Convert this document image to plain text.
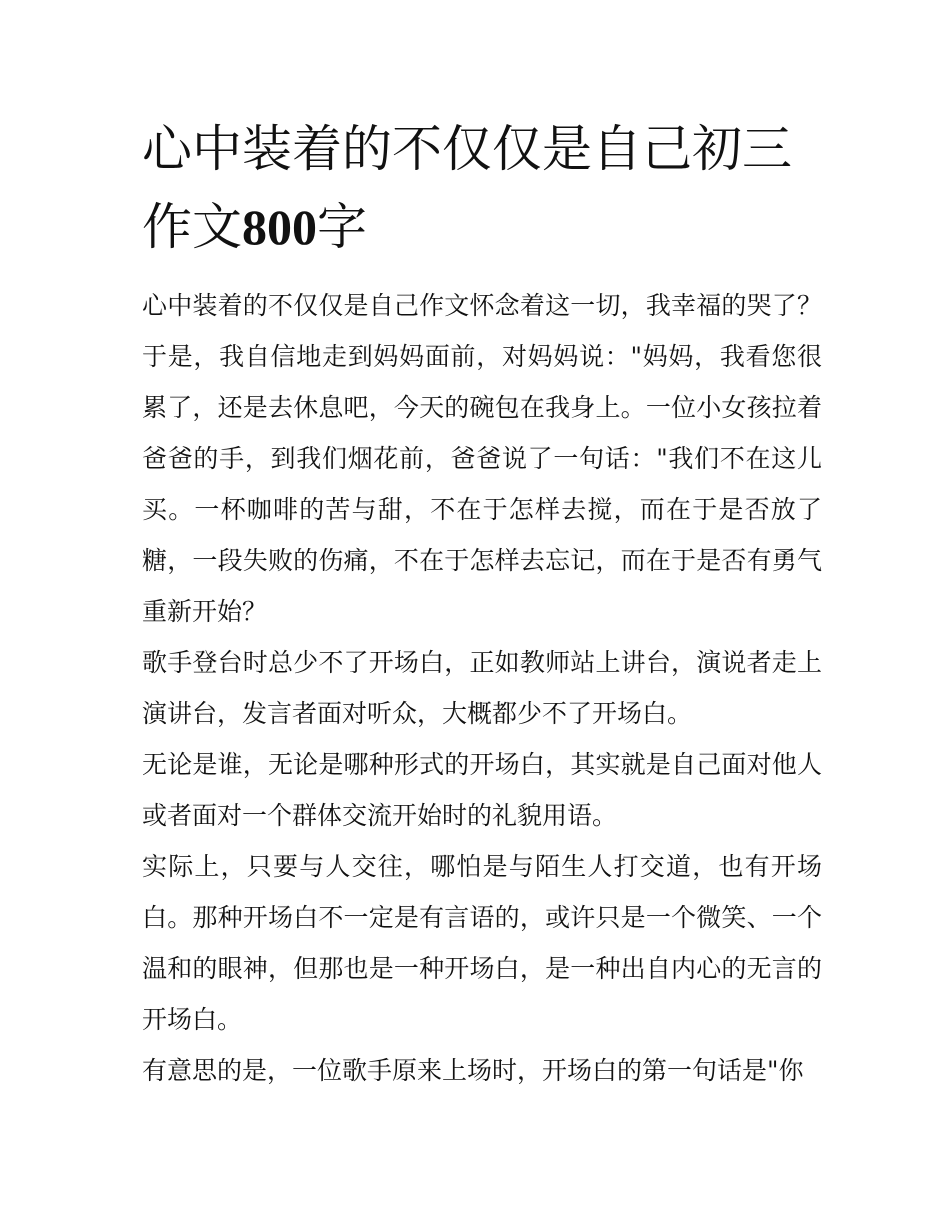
心中装着的不仅仅是自己初三作文800字

心中装着的不仅仅是自己作文怀念着这一切，我幸福的哭了？于是，我自信地走到妈妈面前，对妈妈说："妈妈，我看您很累了，还是去休息吧，今天的碗包在我身上。一位小女孩拉着爸爸的手，到我们烟花前，爸爸说了一句话："我们不在这儿买。一杯咖啡的苦与甜，不在于怎样去搅，而在于是否放了糖，一段失败的伤痛，不在于怎样去忘记，而在于是否有勇气重新开始？

歌手登台时总少不了开场白，正如教师站上讲台，演说者走上演讲台，发言者面对听众，大概都少不了开场白。

无论是谁，无论是哪种形式的开场白，其实就是自己面对他人或者面对一个群体交流开始时的礼貌用语。

实际上，只要与人交往，哪怕是与陌生人打交道，也有开场白。那种开场白不一定是有言语的，或许只是一个微笑、一个温和的眼神，但那也是一种开场白，是一种出自内心的无言的开场白。

有意思的是，一位歌手原来上场时，开场白的第一句话是"你
